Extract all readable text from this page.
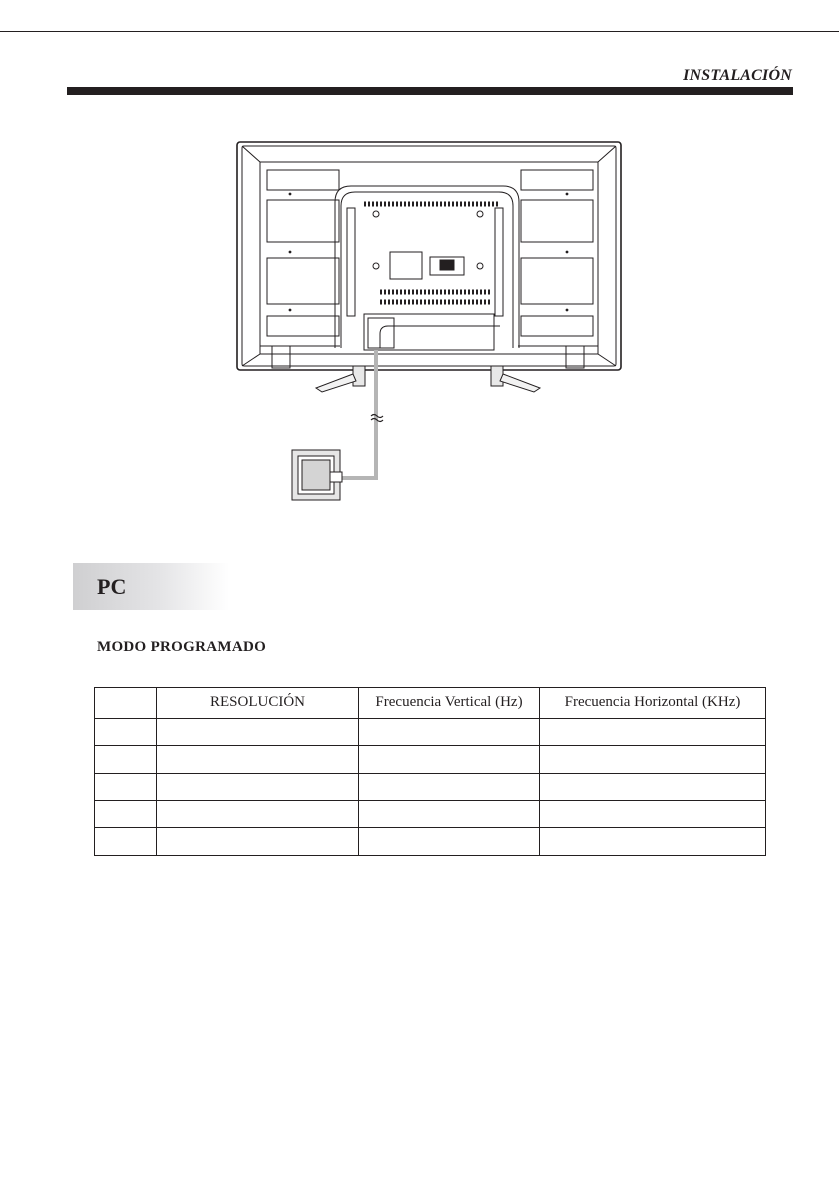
INSTALACIÓN
PC
MODO PROGRAMADO
	RESOLUCIÓN	Frecuencia Vertical (Hz)	Frecuencia Horizontal (KHz)
